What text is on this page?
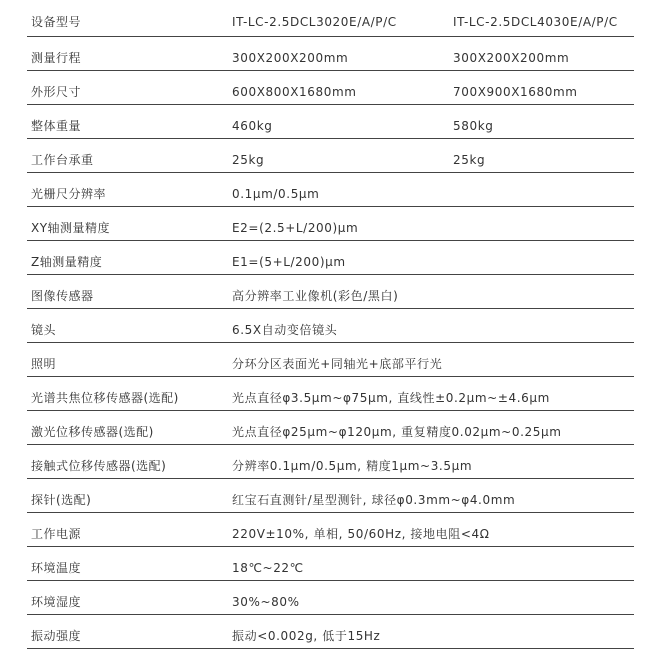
设备型号	IT-LC-2.5DCL3020E/A/P/C	IT-LC-2.5DCL4030E/A/P/C
测量行程	300X200X200mm	300X200X200mm
外形尺寸	600X800X1680mm	700X900X1680mm
整体重量	460kg	580kg
工作台承重	25kg	25kg
光栅尺分辨率	0.1μm/0.5μm
XY轴测量精度	E2=(2.5+L/200)μm
Z轴测量精度	E1=(5+L/200)μm
图像传感器	高分辨率工业像机(彩色/黑白)
镜头	6.5X自动变倍镜头
照明	分环分区表面光+同轴光+底部平行光
光谱共焦位移传感器(选配)	光点直径φ3.5μm~φ75μm, 直线性±0.2μm~±4.6μm
激光位移传感器(选配)	光点直径φ25μm~φ120μm, 重复精度0.02μm~0.25μm
接触式位移传感器(选配)	分辨率0.1μm/0.5μm, 精度1μm~3.5μm
探针(选配)	红宝石直测针/星型测针, 球径φ0.3mm~φ4.0mm
工作电源	220V±10%, 单相, 50/60Hz, 接地电阻<4Ω
环境温度	18℃~22℃
环境湿度	30%~80%
振动强度	振动<0.002g, 低于15Hz
